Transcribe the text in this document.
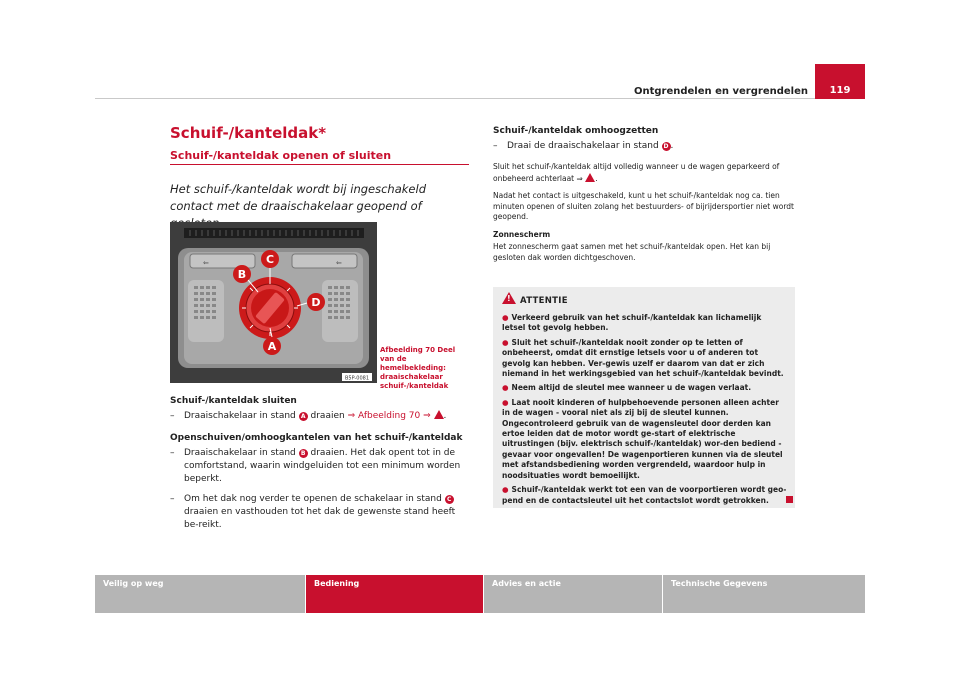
Ontgrendelen en vergrendelen	119
Schuif-/kanteldak*
Schuif-/kanteldak openen of sluiten
Het schuif-/kanteldak wordt bij ingeschakeld contact met de draaischakelaar geopend of
⇐	⇐
B
C
D
A
B5P-0081
Afbeelding 70 Deel van de hemelbekleding: draaischakelaar schuif-/kanteldak
Schuif-/kanteldak sluiten
– Draaischakelaar in stand A draaien ⇒ Afbeelding 70 ⇒ .
Openschuiven/omhoogkantelen van het schuif-/kanteldak
– Draaischakelaar in stand B draaien. Het dak opent tot in de comfortstand, waarin windgeluiden tot een minimum worden beperkt.
– Om het dak nog verder te openen de schakelaar in stand C draaien en vasthouden tot het dak de gewenste stand heeft be-reikt.
Schuif-/kanteldak omhoogzetten
– Draai de draaischakelaar in stand D .
Sluit het schuif-/kanteldak altijd volledig wanneer u de wagen geparkeerd of onbeheerd achterlaat ⇒ .
Nadat het contact is uitgeschakeld, kunt u het schuif-/kanteldak nog ca. tien minuten openen of sluiten zolang het bestuurders- of bijrijdersportier niet wordt geopend.
Zonnescherm
Het zonnescherm gaat samen met het schuif-/kanteldak open. Het kan bij gesloten dak worden dichtgeschoven.
● Verkeerd gebruik van het schuif-/kanteldak kan lichamelijk letsel tot gevolg hebben.
● Sluit het schuif-/kanteldak nooit zonder op te letten of onbeheerst, omdat dit ernstige letsels voor u of anderen tot gevolg kan hebben. Ver-gewis uzelf er daarom van dat er zich niemand in het werkingsgebied van het schuif-/kanteldak bevindt.
● Neem altijd de sleutel mee wanneer u de wagen verlaat.
● Laat nooit kinderen of hulpbehoevende personen alleen achter in de wagen - vooral niet als zij bij de sleutel kunnen. Ongecontroleerd gebruik van de wagensleutel door derden kan ertoe leiden dat de motor wordt ge-start of elektrische uitrustingen (bijv. elektrisch schuif-/kanteldak) wor-den bediend - gevaar voor ongevallen! De wagenportieren kunnen via de sleutel met afstandsbediening worden vergrendeld, waardoor hulp in noodsituaties wordt bemoeilijkt.
● Schuif-/kanteldak werkt tot een van de voorportieren wordt geo-pend en de contactsleutel uit het contactslot wordt getrokken.
!
ATTENTIE
Veilig op weg	Bediening	Advies en actie	Technische Gegevens
